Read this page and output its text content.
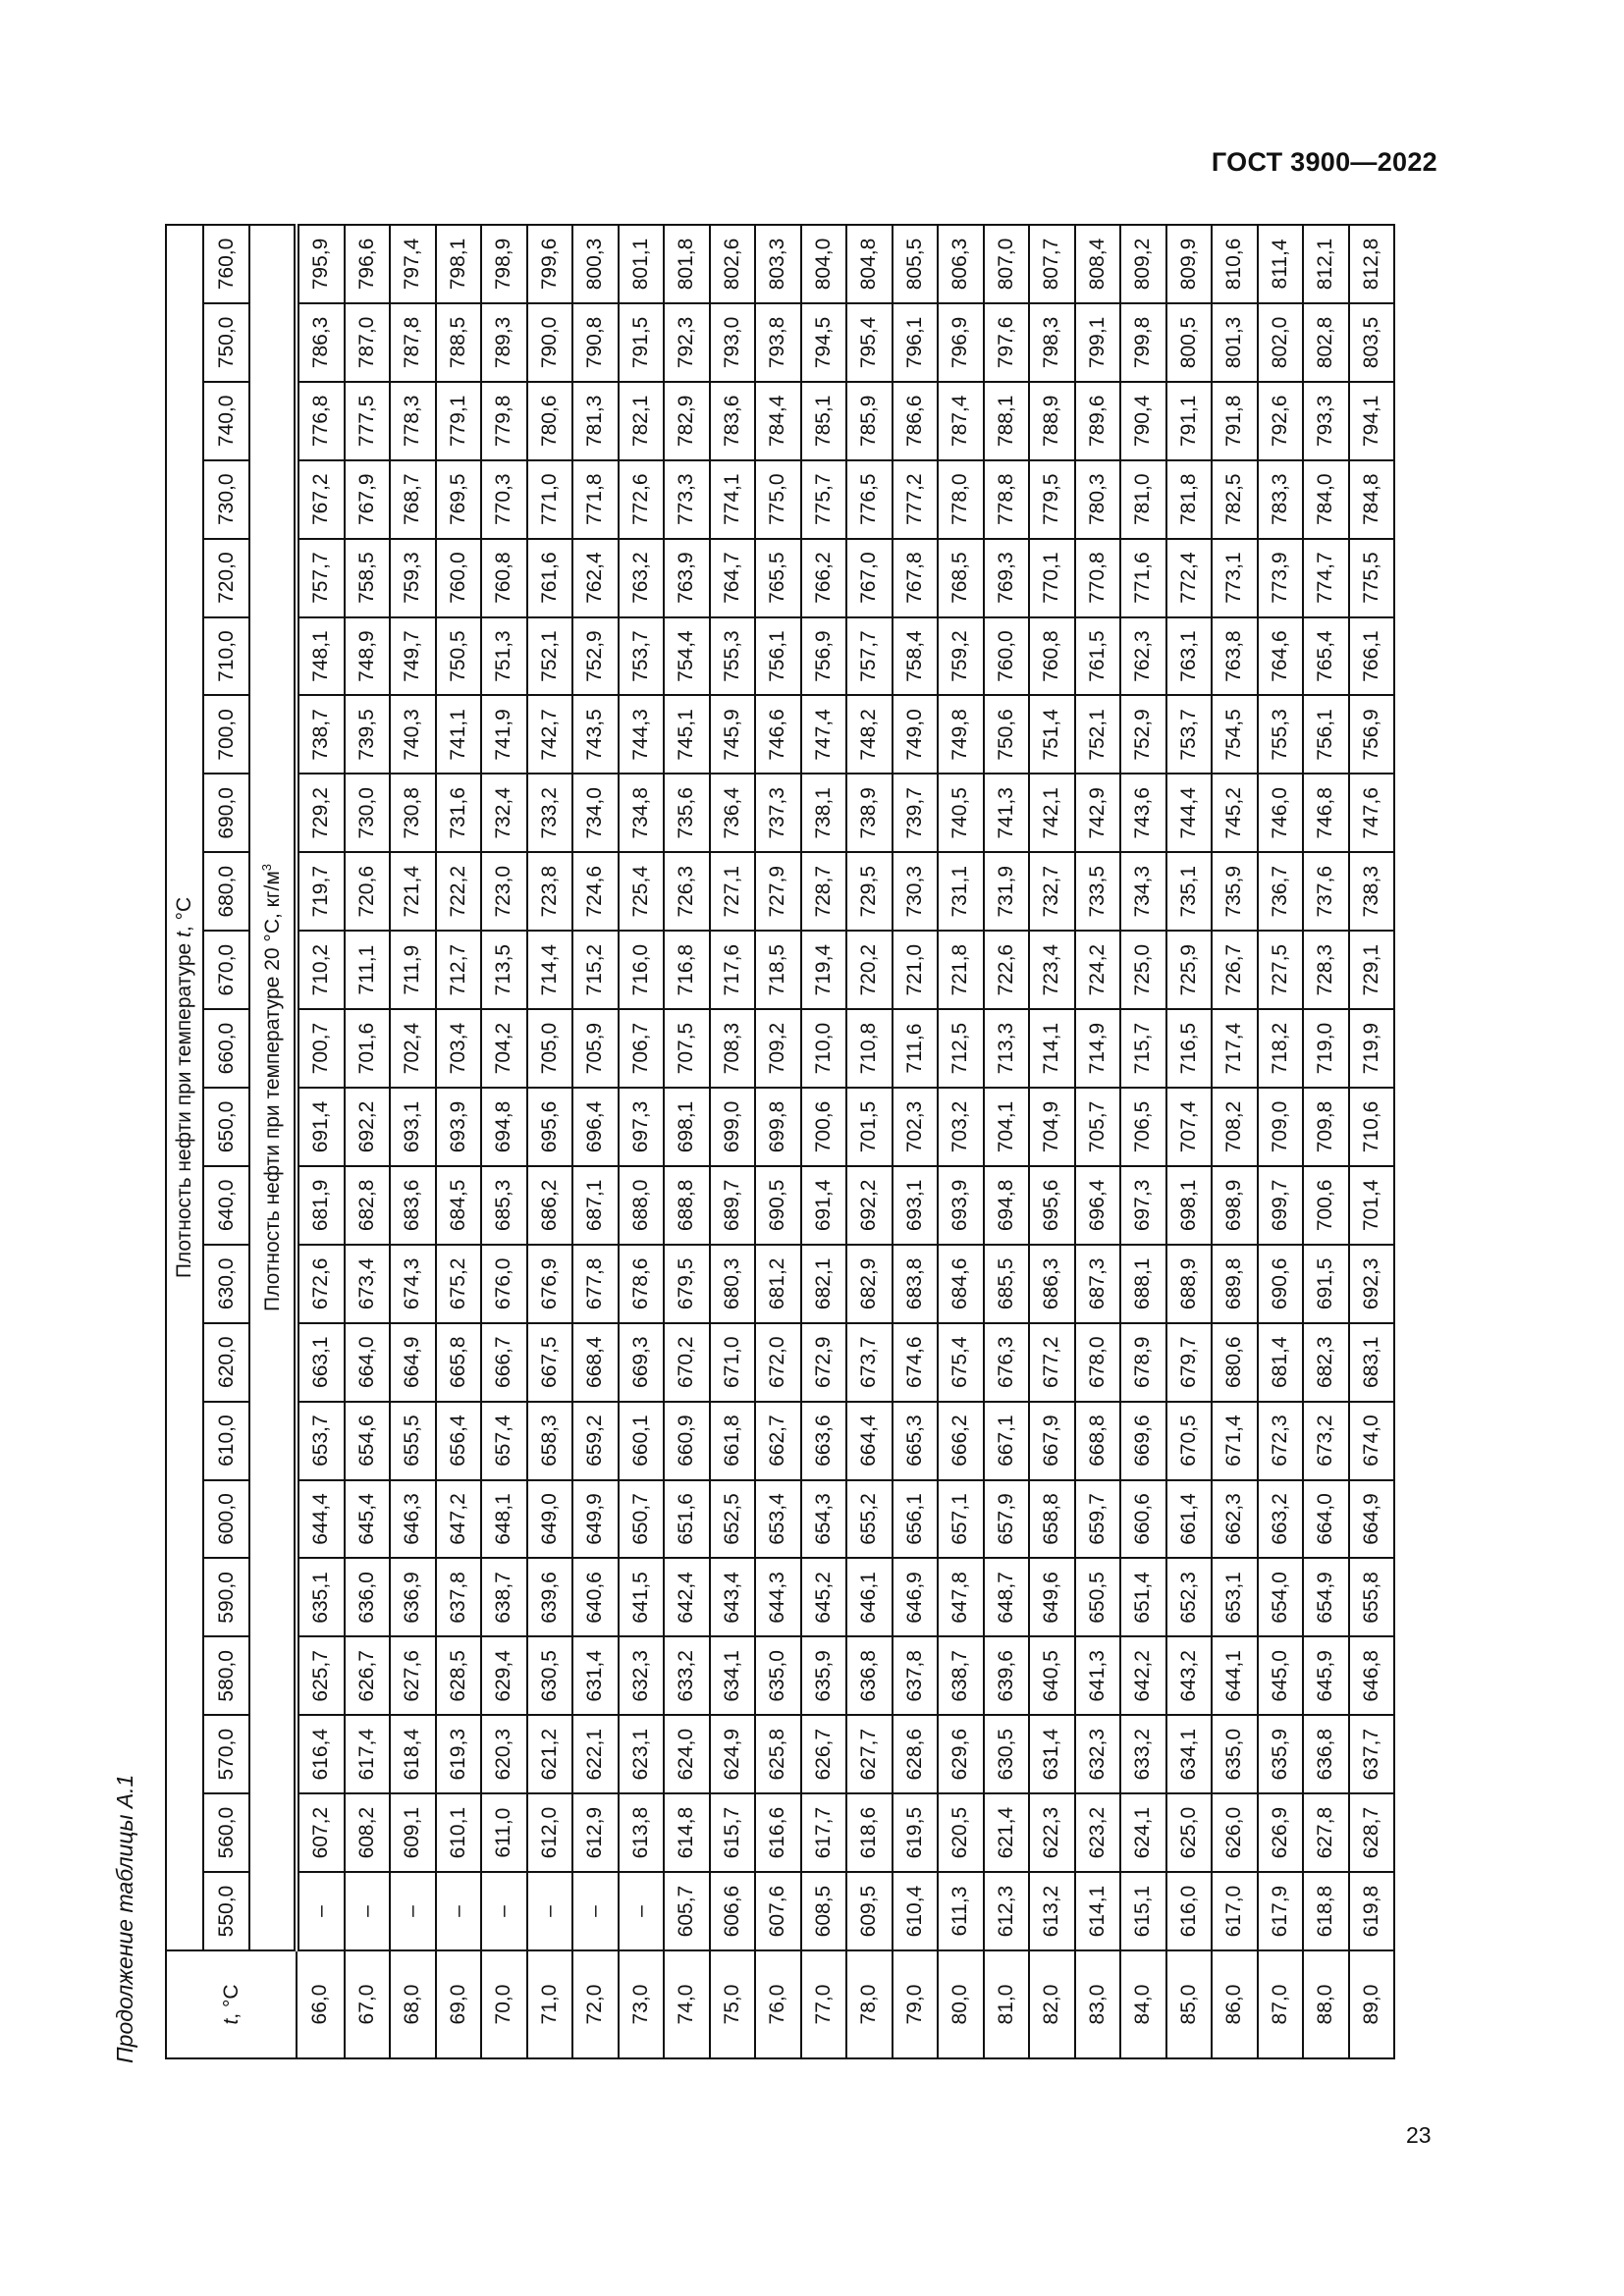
ГОСТ 3900—2022
Продолжение таблицы А.1	t, °C	Плотность нефти при температуре t, °C																					
	550,0	560,0	570,0	580,0	590,0	600,0	610,0	620,0	630,0	640,0	650,0	660,0	670,0	680,0	690,0	700,0	710,0	720,0	730,0	740,0	750,0	760,0
	Плотность нефти при температуре 20 °C, $кг/м^3$
66,0	–	607,2	616,4	625,7	635,1	644,4	653,7	663,1	672,6	681,9	691,4	700,7	710,2	719,7	729,2	738,7	748,1	757,7	767,2	776,8	786,3	795,9
67,0	–	608,2	617,4	626,7	636,0	645,4	654,6	664,0	673,4	682,8	692,2	701,6	711,1	720,6	730,0	739,5	748,9	758,5	767,9	777,5	787,0	796,6
68,0	–	609,1	618,4	627,6	636,9	646,3	655,5	664,9	674,3	683,6	693,1	702,4	711,9	721,4	730,8	740,3	749,7	759,3	768,7	778,3	787,8	797,4
69,0	–	610,1	619,3	628,5	637,8	647,2	656,4	665,8	675,2	684,5	693,9	703,4	712,7	722,2	731,6	741,1	750,5	760,0	769,5	779,1	788,5	798,1
70,0	–	611,0	620,3	629,4	638,7	648,1	657,4	666,7	676,0	685,3	694,8	704,2	713,5	723,0	732,4	741,9	751,3	760,8	770,3	779,8	789,3	798,9
71,0	–	612,0	621,2	630,5	639,6	649,0	658,3	667,5	676,9	686,2	695,6	705,0	714,4	723,8	733,2	742,7	752,1	761,6	771,0	780,6	790,0	799,6
72,0	–	612,9	622,1	631,4	640,6	649,9	659,2	668,4	677,8	687,1	696,4	705,9	715,2	724,6	734,0	743,5	752,9	762,4	771,8	781,3	790,8	800,3
73,0	–	613,8	623,1	632,3	641,5	650,7	660,1	669,3	678,6	688,0	697,3	706,7	716,0	725,4	734,8	744,3	753,7	763,2	772,6	782,1	791,5	801,1
74,0	605,7	614,8	624,0	633,2	642,4	651,6	660,9	670,2	679,5	688,8	698,1	707,5	716,8	726,3	735,6	745,1	754,4	763,9	773,3	782,9	792,3	801,8
75,0	606,6	615,7	624,9	634,1	643,4	652,5	661,8	671,0	680,3	689,7	699,0	708,3	717,6	727,1	736,4	745,9	755,3	764,7	774,1	783,6	793,0	802,6
76,0	607,6	616,6	625,8	635,0	644,3	653,4	662,7	672,0	681,2	690,5	699,8	709,2	718,5	727,9	737,3	746,6	756,1	765,5	775,0	784,4	793,8	803,3
77,0	608,5	617,7	626,7	635,9	645,2	654,3	663,6	672,9	682,1	691,4	700,6	710,0	719,4	728,7	738,1	747,4	756,9	766,2	775,7	785,1	794,5	804,0
78,0	609,5	618,6	627,7	636,8	646,1	655,2	664,4	673,7	682,9	692,2	701,5	710,8	720,2	729,5	738,9	748,2	757,7	767,0	776,5	785,9	795,4	804,8
79,0	610,4	619,5	628,6	637,8	646,9	656,1	665,3	674,6	683,8	693,1	702,3	711,6	721,0	730,3	739,7	749,0	758,4	767,8	777,2	786,6	796,1	805,5
80,0	611,3	620,5	629,6	638,7	647,8	657,1	666,2	675,4	684,6	693,9	703,2	712,5	721,8	731,1	740,5	749,8	759,2	768,5	778,0	787,4	796,9	806,3
81,0	612,3	621,4	630,5	639,6	648,7	657,9	667,1	676,3	685,5	694,8	704,1	713,3	722,6	731,9	741,3	750,6	760,0	769,3	778,8	788,1	797,6	807,0
82,0	613,2	622,3	631,4	640,5	649,6	658,8	667,9	677,2	686,3	695,6	704,9	714,1	723,4	732,7	742,1	751,4	760,8	770,1	779,5	788,9	798,3	807,7
83,0	614,1	623,2	632,3	641,3	650,5	659,7	668,8	678,0	687,3	696,4	705,7	714,9	724,2	733,5	742,9	752,1	761,5	770,8	780,3	789,6	799,1	808,4
84,0	615,1	624,1	633,2	642,2	651,4	660,6	669,6	678,9	688,1	697,3	706,5	715,7	725,0	734,3	743,6	752,9	762,3	771,6	781,0	790,4	799,8	809,2
85,0	616,0	625,0	634,1	643,2	652,3	661,4	670,5	679,7	688,9	698,1	707,4	716,5	725,9	735,1	744,4	753,7	763,1	772,4	781,8	791,1	800,5	809,9
86,0	617,0	626,0	635,0	644,1	653,1	662,3	671,4	680,6	689,8	698,9	708,2	717,4	726,7	735,9	745,2	754,5	763,8	773,1	782,5	791,8	801,3	810,6
87,0	617,9	626,9	635,9	645,0	654,0	663,2	672,3	681,4	690,6	699,7	709,0	718,2	727,5	736,7	746,0	755,3	764,6	773,9	783,3	792,6	802,0	811,4
88,0	618,8	627,8	636,8	645,9	654,9	664,0	673,2	682,3	691,5	700,6	709,8	719,0	728,3	737,6	746,8	756,1	765,4	774,7	784,0	793,3	802,8	812,1
89,0	619,8	628,7	637,7	646,8	655,8	664,9	674,0	683,1	692,3	701,4	710,6	719,9	729,1	738,3	747,6	756,9	766,1	775,5	784,8	794,1	803,5	812,8
23
